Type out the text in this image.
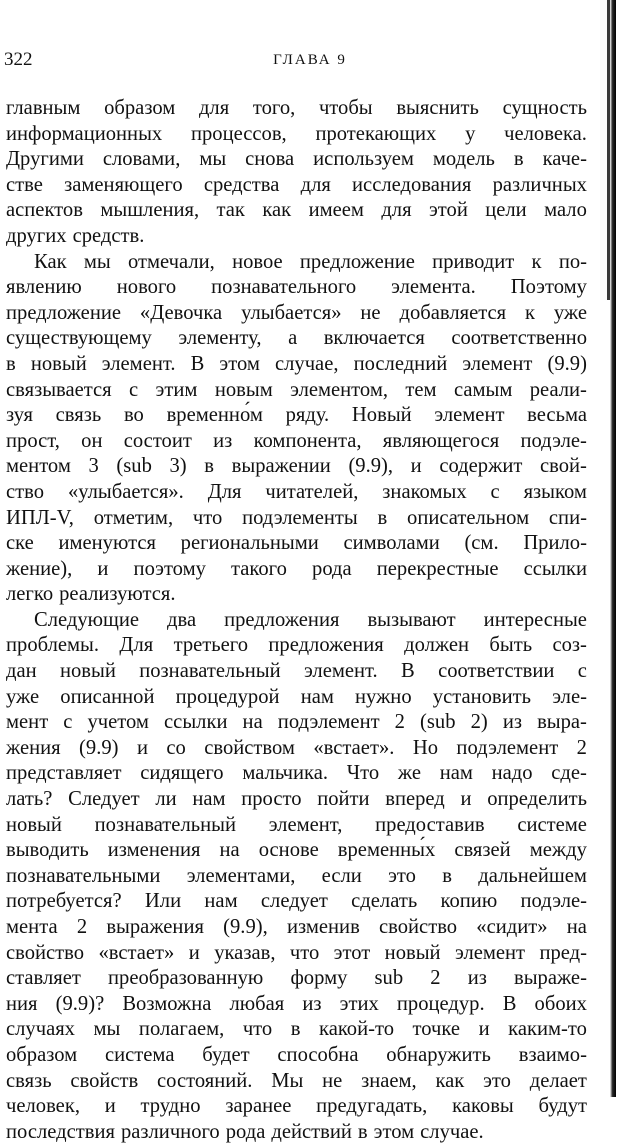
322	ГЛАВА 9
главным образом для того, чтобы выяснить сущность
информационных процессов, протекающих у человека.
Другими словами, мы снова используем модель в каче-
стве заменяющего средства для исследования различных
аспектов мышления, так как имеем для этой цели мало
других средств.
Как мы отмечали, новое предложение приводит к по-
явлению нового познавательного элемента. Поэтому
предложение «Девочка улыбается» не добавляется к уже
существующему элементу, а включается соответственно
в новый элемент. В этом случае, последний элемент (9.9)
связывается с этим новым элементом, тем самым реали-
зуя связь во временно́м ряду. Новый элемент весьма
прост, он состоит из компонента, являющегося подэле-
ментом 3 (sub 3) в выражении (9.9), и содержит свой-
ство «улыбается». Для читателей, знакомых с языком
ИПЛ-V, отметим, что подэлементы в описательном спи-
ске именуются региональными символами (см. Прило-
жение), и поэтому такого рода перекрестные ссылки
легко реализуются.
Следующие два предложения вызывают интересные
проблемы. Для третьего предложения должен быть соз-
дан новый познавательный элемент. В соответствии с
уже описанной процедурой нам нужно установить эле-
мент с учетом ссылки на подэлемент 2 (sub 2) из выра-
жения (9.9) и со свойством «встает». Но подэлемент 2
представляет сидящего мальчика. Что же нам надо сде-
лать? Следует ли нам просто пойти вперед и определить
новый познавательный элемент, предоставив системе
выводить изменения на основе временны́х связей между
познавательными элементами, если это в дальнейшем
потребуется? Или нам следует сделать копию подэле-
мента 2 выражения (9.9), изменив свойство «сидит» на
свойство «встает» и указав, что этот новый элемент пред-
ставляет преобразованную форму sub 2 из выраже-
ния (9.9)? Возможна любая из этих процедур. В обоих
случаях мы полагаем, что в какой-то точке и каким-то
образом система будет способна обнаружить взаимо-
связь свойств состояний. Мы не знаем, как это делает
человек, и трудно заранее предугадать, каковы будут
последствия различного рода действий в этом случае.
